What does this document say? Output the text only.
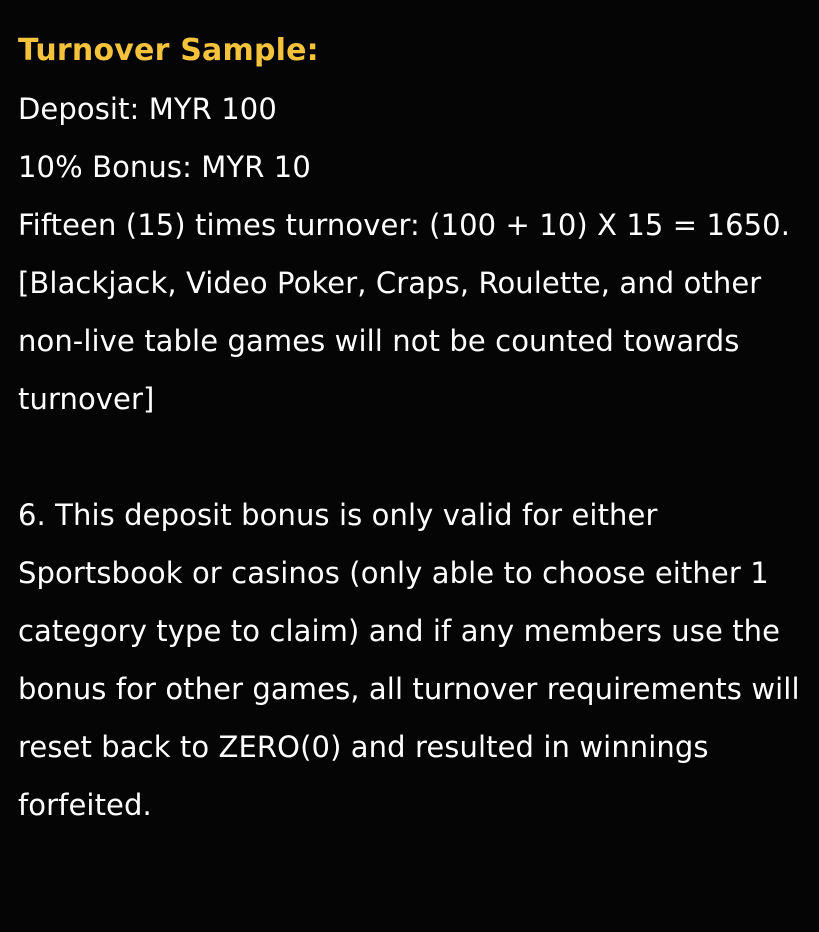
Turnover Sample:
Deposit: MYR 100
10% Bonus: MYR 10
Fifteen (15) times turnover: (100 + 10) X 15 = 1650.
[Blackjack, Video Poker, Craps, Roulette, and other non-live table games will not be counted towards turnover]
6. This deposit bonus is only valid for either Sportsbook or casinos (only able to choose either 1 category type to claim) and if any members use the bonus for other games, all turnover requirements will reset back to ZERO(0) and resulted in winnings forfeited.
